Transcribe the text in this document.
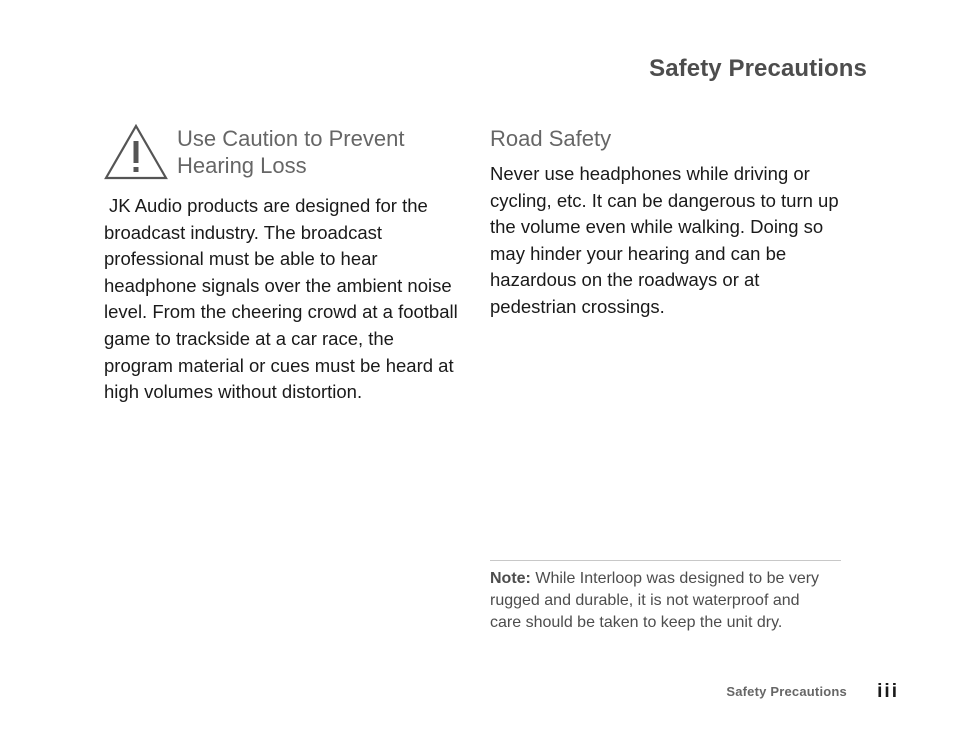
Safety Precautions
Use Caution to Prevent
Hearing Loss

JK Audio products are designed for the broadcast industry. The broadcast professional must be able to hear headphone signals over the ambient noise level. From the cheering crowd at a football game to trackside at a car race, the program material or cues must be heard at high volumes without distortion.

Road Safety

Never use headphones while driving or cycling, etc. It can be dangerous to turn up the volume even while walking. Doing so may hinder your hearing and can be hazardous on the roadways or at pedestrian crossings.

Note: While Interloop was designed to be very rugged and durable, it is not waterproof and care should be taken to keep the unit dry.

Safety Precautions iii
